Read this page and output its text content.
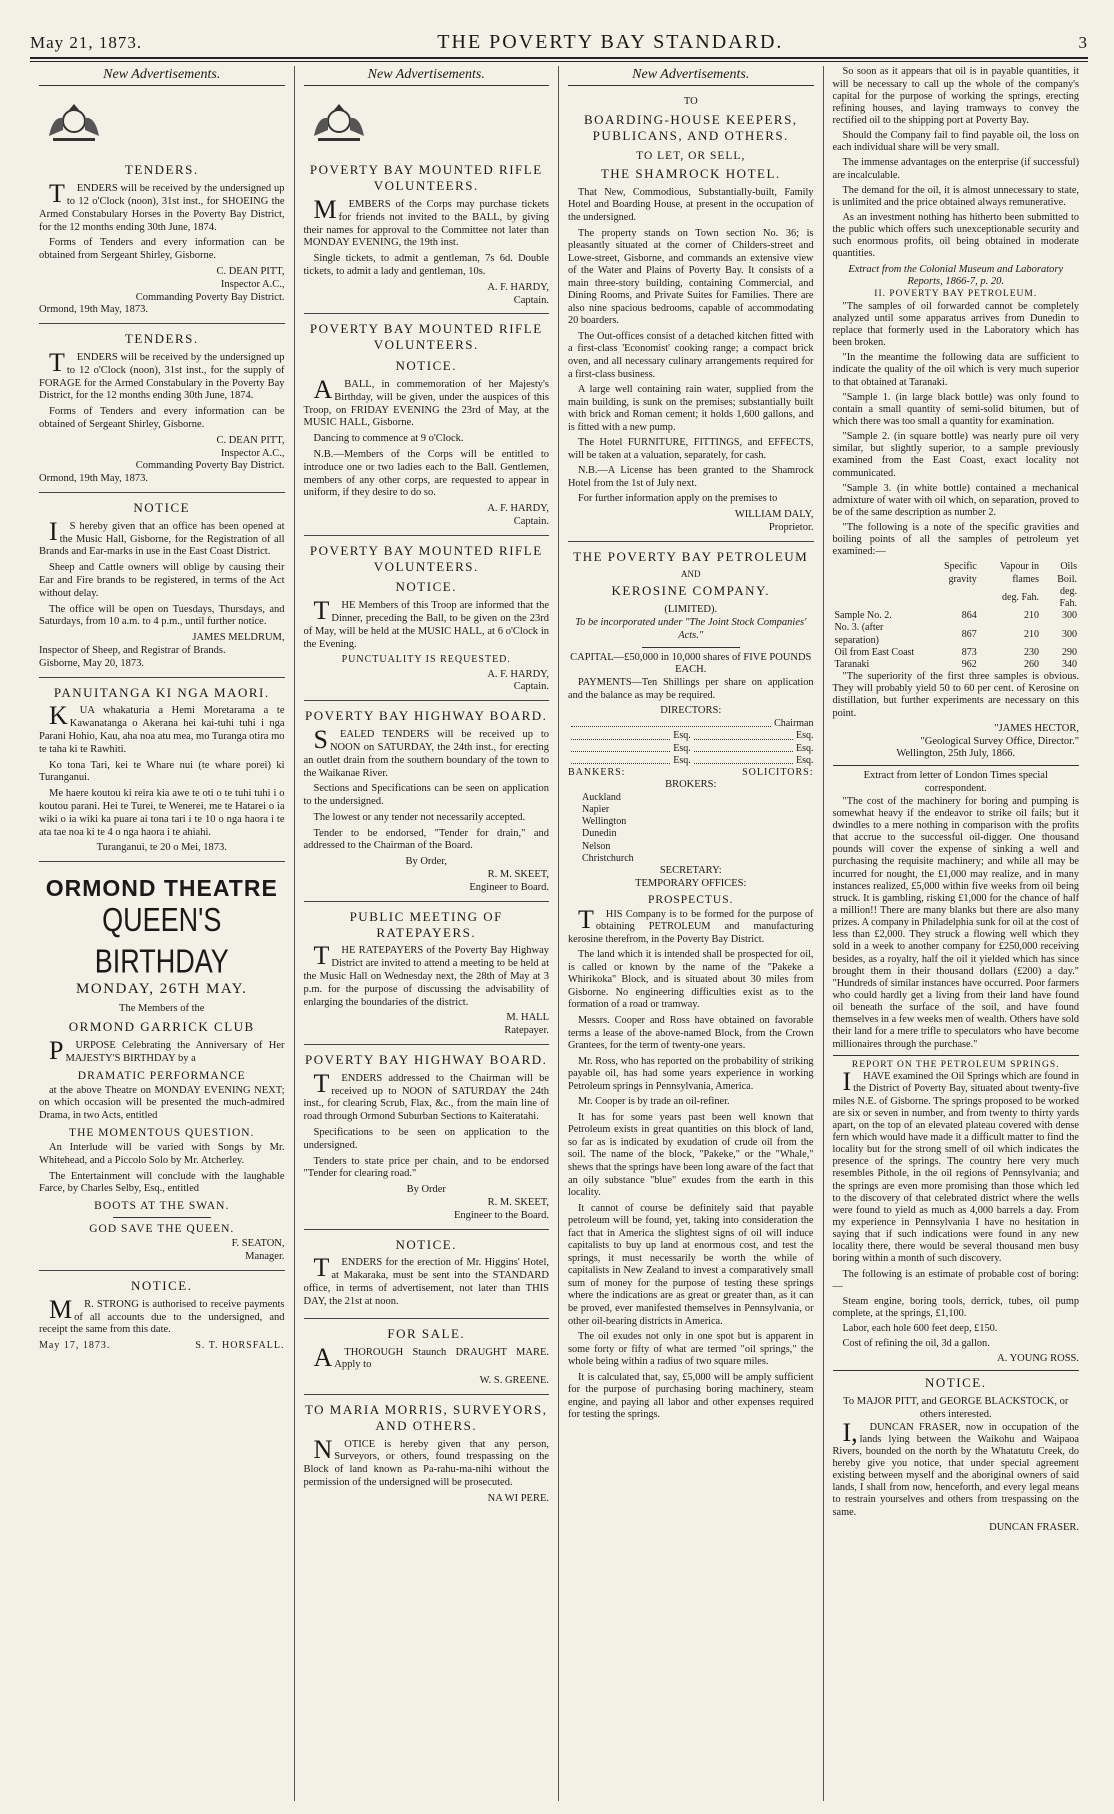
May 21, 1873.	THE POVERTY BAY STANDARD.	3
New Advertisements.
TENDERS.

TENDERS will be received by the undersigned up to 12 o'Clock (noon), 31st inst., for SHOEING the Armed Constabulary Horses in the Poverty Bay District, for the 12 months ending 30th June, 1874.

Forms of Tenders and every information can be obtained from Sergeant Shirley, Gisborne.

C. DEAN PITT,
Inspector A.C.,
Commanding Poverty Bay District.
Ormond, 19th May, 1873.
TENDERS.

TENDERS will be received by the undersigned up to 12 o'Clock (noon), 31st inst., for the supply of FORAGE for the Armed Constabulary in the Poverty Bay District, for the 12 months ending 30th June, 1874.

Forms of Tenders and every information can be obtained of Sergeant Shirley, Gisborne.

C. DEAN PITT,
Inspector A.C.,
Commanding Poverty Bay District.
Ormond, 19th May, 1873.
NOTICE

IS hereby given that an office has been opened at the Music Hall, Gisborne, for the Registration of all Brands and Ear-marks in use in the East Coast District.

Sheep and Cattle owners will oblige by causing their Ear and Fire brands to be registered, in terms of the Act without delay.

The office will be open on Tuesdays, Thursdays, and Saturdays, from 10 a.m. to 4 p.m., until further notice.

JAMES MELDRUM,
Inspector of Sheep, and Registrar of Brands.
Gisborne, May 20, 1873.
PANUITANGA KI NGA MAORI.

KUA whakaturia a Hemi Moretarama a te Kawanatanga o Akerana hei kai-tuhi tuhi i nga Parani Hohio, Kau, aha noa atu mea, mo Turanga otira mo te taha ki te Rawhiti.

Ko tona Tari, kei te Whare nui (te whare porei) ki Turanganui.

Me haere koutou ki reira kia awe te oti o te tuhi tuhi i o koutou parani. Hei te Turei, te Wenerei, me te Hatarei o ia wiki o ia wiki ka puare ai tona tari i te 10 o nga haora i te ata tae noa ki te 4 o nga haora i te ahiahi.

Turanganui, te 20 o Mei, 1873.
ORMOND THEATRE
QUEEN'S BIRTHDAY
MONDAY, 26TH MAY.
The Members of the
ORMOND GARRICK CLUB

PURPOSE Celebrating the Anniversary of Her MAJESTY'S BIRTHDAY by a

DRAMATIC PERFORMANCE

at the above Theatre on MONDAY EVENING NEXT; on which occasion will be presented the much-admired Drama, in two Acts, entitled

THE MOMENTOUS QUESTION.

An Interlude will be varied with Songs by Mr. Whitehead, and a Piccolo Solo by Mr. Atcherley.

The Entertainment will conclude with the laughable Farce, by Charles Selby, Esq., entitled

BOOTS AT THE SWAN.
GOD SAVE THE QUEEN.
F. SEATON,
Manager.
NOTICE.

MR. STRONG is authorised to receive payments of all accounts due to the undersigned, and receipt the same from this date.

May 17, 1873.	S. T. HORSFALL.
New Advertisements.
POVERTY BAY MOUNTED RIFLE VOLUNTEERS.

MEMBERS of the Corps may purchase tickets for friends not invited to the BALL, by giving their names for approval to the Committee not later than MONDAY EVENING, the 19th inst.

Single tickets, to admit a gentleman, 7s 6d. Double tickets, to admit a lady and gentleman, 10s.

A. F. HARDY,
Captain.
POVERTY BAY MOUNTED RIFLE VOLUNTEERS.
NOTICE.

ABALL, in commemoration of her Majesty's Birthday, will be given, under the auspices of this Troop, on FRIDAY EVENING the 23rd of May, at the MUSIC HALL, Gisborne.

Dancing to commence at 9 o'Clock.

N.B.—Members of the Corps will be entitled to introduce one or two ladies each to the Ball. Gentlemen, members of any other corps, are requested to appear in uniform, if they desire to do so.

A. F. HARDY,
Captain.
POVERTY BAY MOUNTED RIFLE VOLUNTEERS.
NOTICE.

THE Members of this Troop are informed that the Dinner, preceding the Ball, to be given on the 23rd of May, will be held at the MUSIC HALL, at 6 o'Clock in the Evening.

PUNCTUALITY IS REQUESTED.
A. F. HARDY,
Captain.
POVERTY BAY HIGHWAY BOARD.

SEALED TENDERS will be received up to NOON on SATURDAY, the 24th inst., for erecting an outlet drain from the southern boundary of the town to the Waikanae River.

Sections and Specifications can be seen on application to the undersigned.

The lowest or any tender not necessarily accepted.

Tender to be endorsed, "Tender for drain," and addressed to the Chairman of the Board.

By Order,
R. M. SKEET,
Engineer to Board.
PUBLIC MEETING OF RATEPAYERS.

THE RATEPAYERS of the Poverty Bay Highway District are invited to attend a meeting to be held at the Music Hall on Wednesday next, the 28th of May at 3 p.m. for the purpose of discussing the advisability of enlarging the boundaries of the district.

M. HALL
Ratepayer.
POVERTY BAY HIGHWAY BOARD.

TENDERS addressed to the Chairman will be received up to NOON of SATURDAY the 24th inst., for clearing Scrub, Flax, &c., from the main line of road through Ormond Suburban Sections to Kaiteratahi.

Specifications to be seen on application to the undersigned.

Tenders to state price per chain, and to be endorsed "Tender for clearing road."

By Order
R. M. SKEET,
Engineer to the Board.
NOTICE.

TENDERS for the erection of Mr. Higgins' Hotel, at Makaraka, must be sent into the STANDARD office, in terms of advertisement, not later than THIS DAY, the 21st at noon.

FOR SALE.

ATHOROUGH Staunch DRAUGHT MARE. Apply to

W. S. GREENE.
TO MARIA MORRIS, SURVEYORS, AND OTHERS.

NOTICE is hereby given that any person, Surveyors, or others, found trespassing on the Block of land known as Pa-rahu-ma-nihi without the permission of the undersigned will be prosecuted.

NA WI PERE.
New Advertisements.
TO
BOARDING-HOUSE KEEPERS, PUBLICANS, AND OTHERS.
TO LET, OR SELL,
THE SHAMROCK HOTEL.

That New, Commodious, Substantially-built, Family Hotel and Boarding House, at present in the occupation of the undersigned.

The property stands on Town section No. 36; is pleasantly situated at the corner of Childers-street and Lowe-street, Gisborne, and commands an extensive view of the Water and Plains of Poverty Bay. It consists of a main three-story building, containing Commercial, and Dining Rooms, and Private Suites for Families. There are also nine spacious bedrooms, capable of accommodating 20 boarders.

The Out-offices consist of a detached kitchen fitted with a first-class 'Economist' cooking range; a compact brick oven, and all necessary culinary arrangements required for a first-class business.

A large well containing rain water, supplied from the main building, is sunk on the premises; substantially built with brick and Roman cement; it holds 1,600 gallons, and is fitted with a new pump.

The Hotel FURNITURE, FITTINGS, and EFFECTS, will be taken at a valuation, separately, for cash.

N.B.—A License has been granted to the Shamrock Hotel from the 1st of July next.

For further information apply on the premises to

WILLIAM DALY,
Proprietor.
THE POVERTY BAY PETROLEUM
AND
KEROSINE COMPANY.
(LIMITED).
To be incorporated under "The Joint Stock Companies' Acts."
CAPITAL—£50,000 in 10,000 shares of FIVE POUNDS EACH.

PAYMENTS—Ten Shillings per share on application and the balance as may be required.

DIRECTORS:
Chairman
Esq.	Esq.
Esq.	Esq.
Esq.	Esq.
BANKERS:	SOLICITORS:
BROKERS:
Auckland
Napier
Wellington
Dunedin
Nelson
Christchurch
SECRETARY:
TEMPORARY OFFICES:
PROSPECTUS.

THIS Company is to be formed for the purpose of obtaining PETROLEUM and manufacturing kerosine therefrom, in the Poverty Bay District.

The land which it is intended shall be prospected for oil, is called or known by the name of the "Pakeke a Whirikoka" Block, and is situated about 30 miles from Gisborne. No engineering difficulties exist as to the formation of a road or tramway.

Messrs. Cooper and Ross have obtained on favorable terms a lease of the above-named Block, from the Crown Grantees, for the term of twenty-one years.

Mr. Ross, who has reported on the probability of striking payable oil, has had some years experience in working Petroleum springs in Pennsylvania, America.

Mr. Cooper is by trade an oil-refiner.

It has for some years past been well known that Petroleum exists in great quantities on this block of land, so far as is indicated by exudation of crude oil from the soil. The name of the block, "Pakeke," or the "Whale," shews that the springs have been long aware of the fact that an oily substance "blue" exudes from the earth in this locality.

It cannot of course be definitely said that payable petroleum will be found, yet, taking into consideration the fact that in America the slightest signs of oil will induce capitalists to buy up land at enormous cost, and test the springs, it must necessarily be worth the while of capitalists in New Zealand to invest a comparatively small sum of money for the purpose of testing these springs where the indications are as great or greater than, as it can be proved, ever manifested themselves in Pennsylvania, or other oil-bearing districts in America.

The oil exudes not only in one spot but is apparent in some forty or fifty of what are termed "oil springs," the whole being within a radius of two square miles.

It is calculated that, say, £5,000 will be amply sufficient for the purpose of purchasing boring machinery, steam engine, and paying all labor and other expenses required for testing the springs.

So soon as it appears that oil is in payable quantities, it will be necessary to call up the whole of the company's capital for the purpose of working the springs, erecting refining houses, and laying tramways to convey the rectified oil to the shipping port at Poverty Bay.

Should the Company fail to find payable oil, the loss on each individual share will be very small.

The immense advantages on the enterprise (if successful) are incalculable.

The demand for the oil, it is almost unnecessary to state, is unlimited and the price obtained always remunerative.

As an investment nothing has hitherto been submitted to the public which offers such unexceptionable security and such enormous profits, oil being obtained in moderate quantities.

Extract from the Colonial Museum and Laboratory Reports, 1866-7, p. 20.
II. POVERTY BAY PETROLEUM.

"The samples of oil forwarded cannot be completely analyzed until some apparatus arrives from Dunedin to replace that formerly used in the Laboratory which has been broken.

"In the meantime the following data are sufficient to indicate the quality of the oil which is very much superior to that obtained at Taranaki.

"Sample 1. (in large black bottle) was only found to contain a small quantity of semi-solid bitumen, but of which there was too small a quantity for examination.

"Sample 2. (in square bottle) was nearly pure oil very similar, but slightly superior, to a sample previously examined from the East Coast, exact locality not communicated.

"Sample 3. (in white bottle) contained a mechanical admixture of water with oil which, on separation, proved to be of the same description as number 2.

"The following is a note of the specific gravities and boiling points of all the samples of petroleum yet examined:—

	Specific gravity	Vapour in flames	Oils Boil.
		deg. Fah.	deg. Fah.
Sample No. 2.	864	210	300
No. 3. (after separation)	867	210	300
Oil from East Coast	873	230	290
Taranaki	962	260	340

"The superiority of the first three samples is obvious. They will probably yield 50 to 60 per cent. of Kerosine on distillation, but further experiments are necessary on this point.

"JAMES HECTOR,
"Geological Survey Office, Director."
Wellington, 25th July, 1866.
Extract from letter of London Times special correspondent.

"The cost of the machinery for boring and pumping is somewhat heavy if the endeavor to strike oil fails; but it dwindles to a mere nothing in comparison with the profits that accrue to the successful oil-digger. One thousand pounds will cover the expense of sinking a well and purchasing the requisite machinery; and while all may be incurred for nought, the £1,000 may realize, and in many instances realized, £5,000 within five weeks from oil being struck. It is gambling, risking £1,000 for the chance of half a million!! There are many blanks but there are also many prizes. A company in Philadelphia sunk for oil at the cost of less than £2,000. They struck a flowing well which they sold in a week to another company for £250,000 receiving besides, as a royalty, half the oil it yielded which has since brought them in their thousand dollars (£200) a day." "Hundreds of similar instances have occurred. Poor farmers who could hardly get a living from their land have found oil beneath the surface of the soil, and have found themselves in a few weeks men of wealth. Others have sold their land for a mere trifle to speculators who have become millionaires through the purchase."

REPORT ON THE PETROLEUM SPRINGS.

IHAVE examined the Oil Springs which are found in the District of Poverty Bay, situated about twenty-five miles N.E. of Gisborne. The springs proposed to be worked are six or seven in number, and from twenty to thirty yards apart, on the top of an elevated plateau covered with dense fern which would have made it a difficult matter to find the locality but for the strong smell of oil which indicates the presence of the springs. The country here very much resembles Pithole, in the oil regions of Pennsylvania; and the springs are even more promising than those which led to the discovery of that celebrated district where the wells were found to yield as much as 4,000 barrels a day. From my experience in Pennsylvania I have no hesitation in saying that if such indications were found in any new locality there, there would be several thousand men busy boring within a month of such discovery.

The following is an estimate of probable cost of boring:—

Steam engine, boring tools, derrick, tubes, oil pump complete, at the springs, £1,100.

Labor, each hole 600 feet deep, £150.

Cost of refining the oil, 3d a gallon.

A. YOUNG ROSS.
NOTICE.
To MAJOR PITT, and GEORGE BLACKSTOCK, or others interested.

I,DUNCAN FRASER, now in occupation of the lands lying between the Waikohu and Waipaoa Rivers, bounded on the north by the Whatatutu Creek, do hereby give you notice, that under special agreement existing between myself and the aboriginal owners of said lands, I shall from now, henceforth, and every legal means to restrain yourselves and others from trespassing on the same.

DUNCAN FRASER.
